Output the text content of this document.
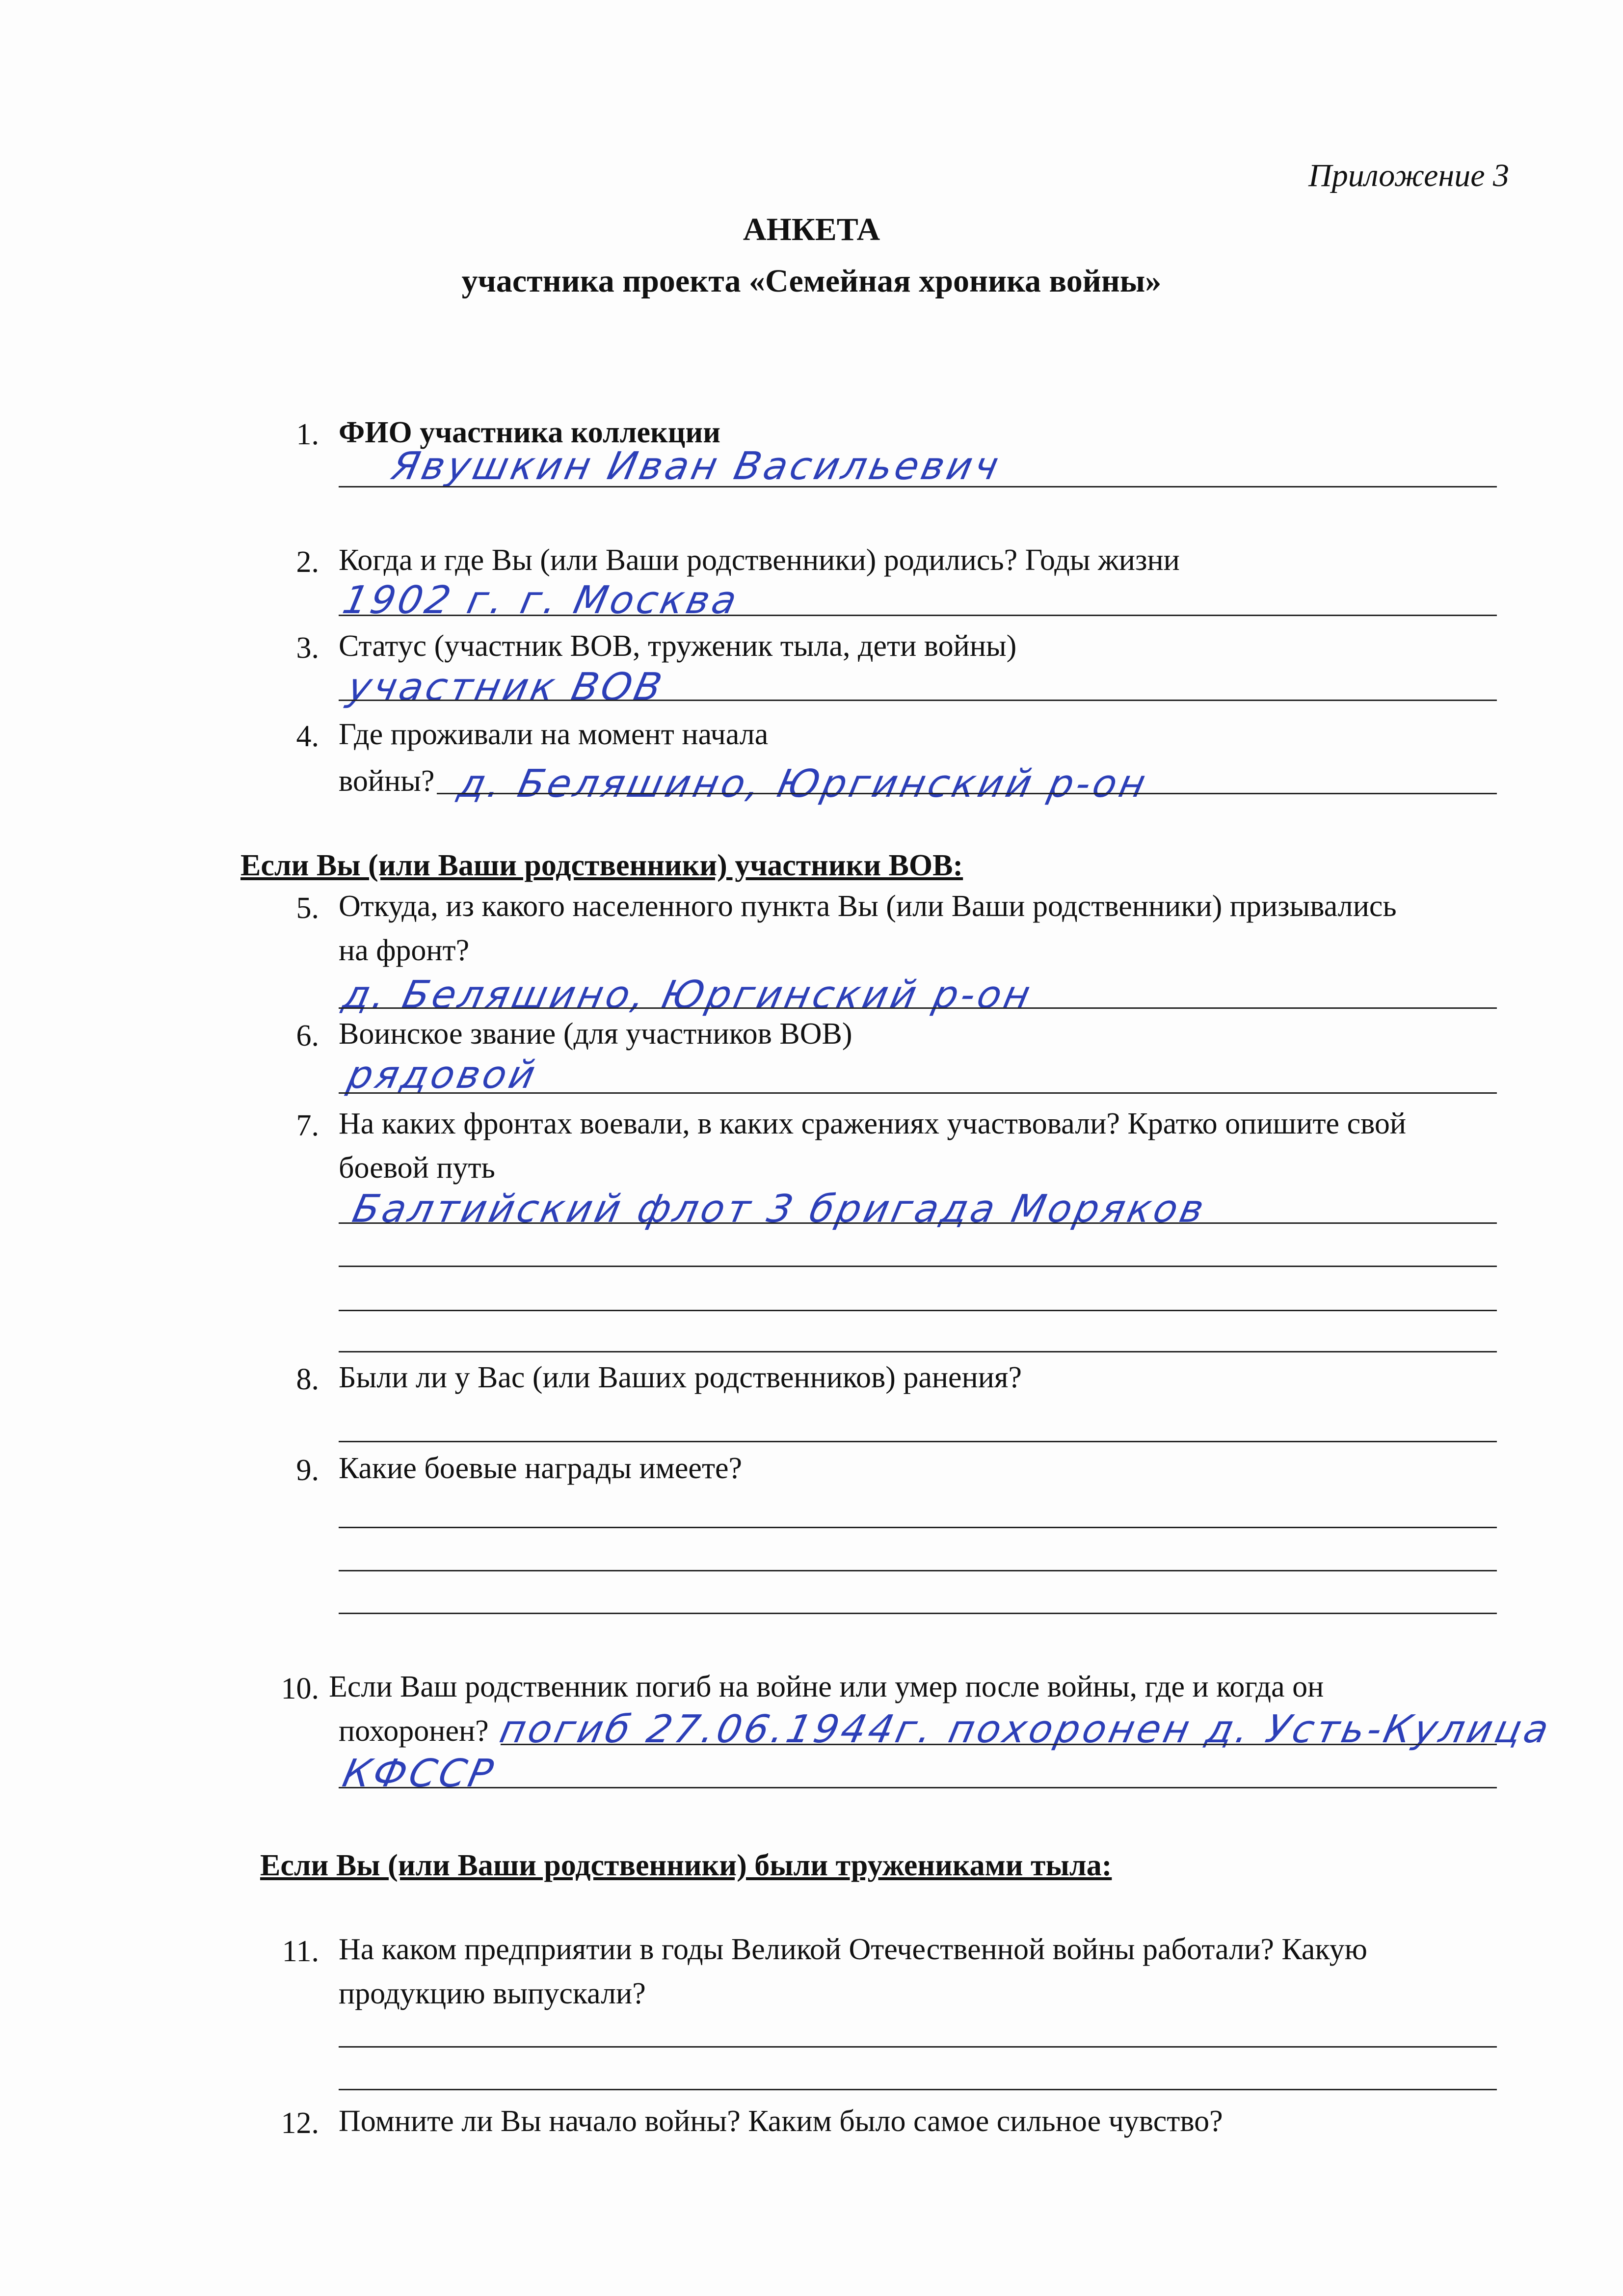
Приложение 3
АНКЕТА
участника проекта «Семейная хроника войны»
1. ФИО участника коллекции
Явушкин Иван Васильевич
2. Когда и где Вы (или Ваши родственники) родились? Годы жизни
1902 г. г. Москва
3. Статус (участник ВОВ, труженик тыла, дети войны)
участник ВОВ
4. Где проживали на момент начала
войны? д. Беляшино, Юргинский р-он
Если Вы (или Ваши родственники) участники ВОВ:
5. Откуда, из какого населенного пункта Вы (или Ваши родственники) призывались
на фронт?
д. Беляшино, Юргинский р-он
6. Воинское звание (для участников ВОВ)
рядовой
7. На каких фронтах воевали, в каких сражениях участвовали? Кратко опишите свой
боевой путь
Балтийский флот 3 бригада Моряков
8. Были ли у Вас (или Ваших родственников) ранения?
9. Какие боевые награды имеете?
10. Если Ваш родственник погиб на войне или умер после войны, где и когда он
похоронен? погиб 27.06.1944г. похоронен д. Усть-Кулица
КФССР
Если Вы (или Ваши родственники) были тружениками тыла:
11. На каком предприятии в годы Великой Отечественной войны работали? Какую
продукцию выпускали?
12. Помните ли Вы начало войны? Каким было самое сильное чувство?
